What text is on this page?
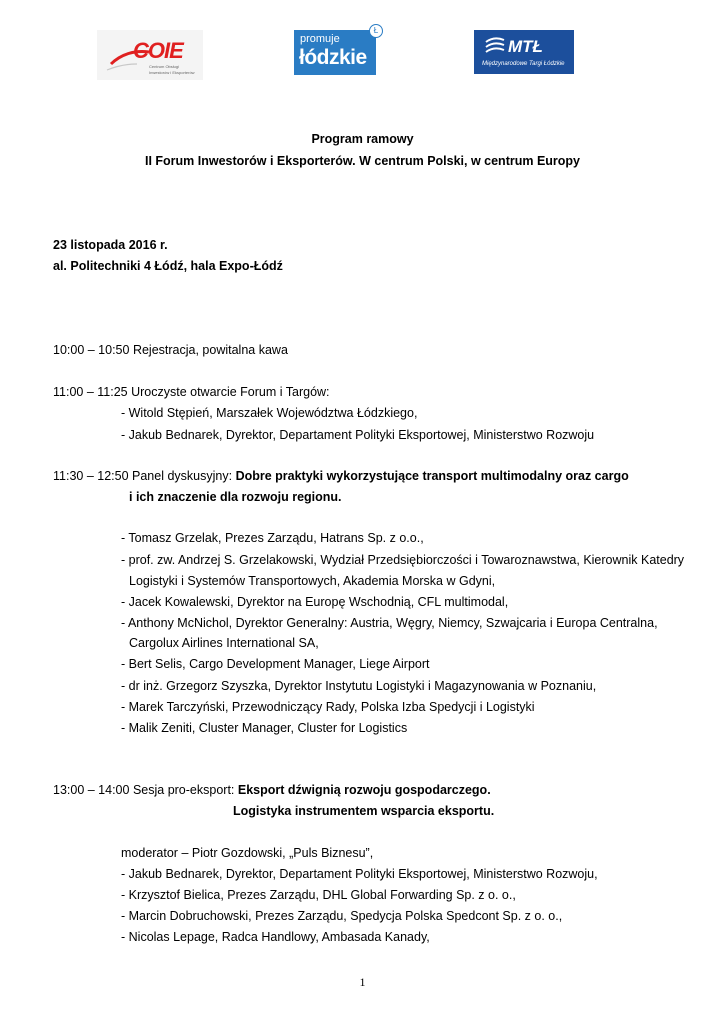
COIE
Centrum Obsługi
Inwestorów i Eksporterów
promuje
łódzkie
Ł
MTŁ
Międzynarodowe Targi Łódzkie
Program ramowy
II Forum Inwestorów i Eksporterów. W centrum Polski, w centrum Europy
23 listopada 2016 r.
al. Politechniki 4 Łódź, hala Expo-Łódź
10:00 – 10:50 Rejestracja, powitalna kawa
11:00 – 11:25 Uroczyste otwarcie Forum i Targów:
- Witold Stępień, Marszałek Województwa Łódzkiego,
- Jakub Bednarek, Dyrektor, Departament Polityki Eksportowej, Ministerstwo Rozwoju
11:30 – 12:50 Panel dyskusyjny: Dobre praktyki wykorzystujące transport multimodalny oraz cargo
i ich znaczenie dla rozwoju regionu.
- Tomasz Grzelak, Prezes Zarządu, Hatrans Sp. z o.o.,
- prof. zw. Andrzej S. Grzelakowski, Wydział Przedsiębiorczości i Towaroznawstwa, Kierownik Katedry
Logistyki i Systemów Transportowych, Akademia Morska w Gdyni,
- Jacek Kowalewski, Dyrektor na Europę Wschodnią, CFL multimodal,
- Anthony McNichol, Dyrektor Generalny: Austria, Węgry, Niemcy, Szwajcaria i Europa Centralna,
Cargolux Airlines International SA,
- Bert Selis, Cargo Development Manager, Liege Airport
- dr inż. Grzegorz Szyszka, Dyrektor Instytutu Logistyki i Magazynowania w Poznaniu,
- Marek Tarczyński, Przewodniczący Rady, Polska Izba Spedycji i Logistyki
- Malik Zeniti, Cluster Manager, Cluster for Logistics
13:00 – 14:00 Sesja pro-eksport: Eksport dźwignią rozwoju gospodarczego.
Logistyka instrumentem wsparcia eksportu.
moderator – Piotr Gozdowski, „Puls Biznesu”,
- Jakub Bednarek, Dyrektor, Departament Polityki Eksportowej, Ministerstwo Rozwoju,
- Krzysztof Bielica, Prezes Zarządu, DHL Global Forwarding Sp. z o. o.,
- Marcin Dobruchowski, Prezes Zarządu, Spedycja Polska Spedcont Sp. z o. o.,
- Nicolas Lepage, Radca Handlowy, Ambasada Kanady,
1
